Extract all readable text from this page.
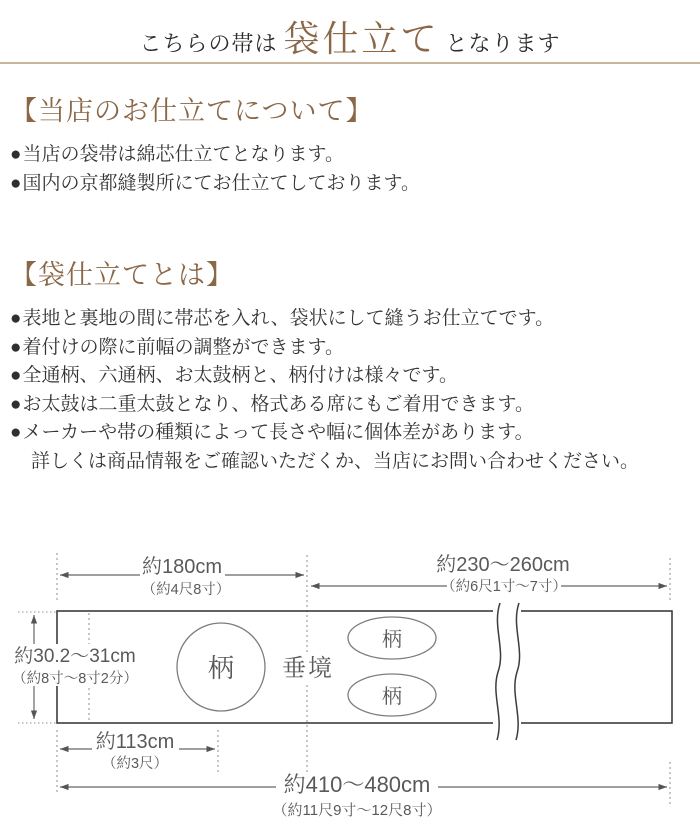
こちらの帯は 袋仕立て となります
【当店のお仕立てについて】
●当店の袋帯は綿芯仕立てとなります。
●国内の京都縫製所にてお仕立てしております。
【袋仕立てとは】
●表地と裏地の間に帯芯を入れ、袋状にして縫うお仕立てです。
●着付けの際に前幅の調整ができます。
●全通柄、六通柄、お太鼓柄と、柄付けは様々です。
●お太鼓は二重太鼓となり、格式ある席にもご着用できます。
●メーカーや帯の種類によって長さや幅に個体差があります。
詳しくは商品情報をご確認いただくか、当店にお問い合わせください。
柄 垂境
柄
柄
約30.2〜31cm
（約8寸〜8寸2分）
約180cm
（約4尺8寸）
約230〜260cm
（約6尺1寸〜7寸）
約113cm
（約3尺）
約410〜480cm
（約11尺9寸〜12尺8寸）
